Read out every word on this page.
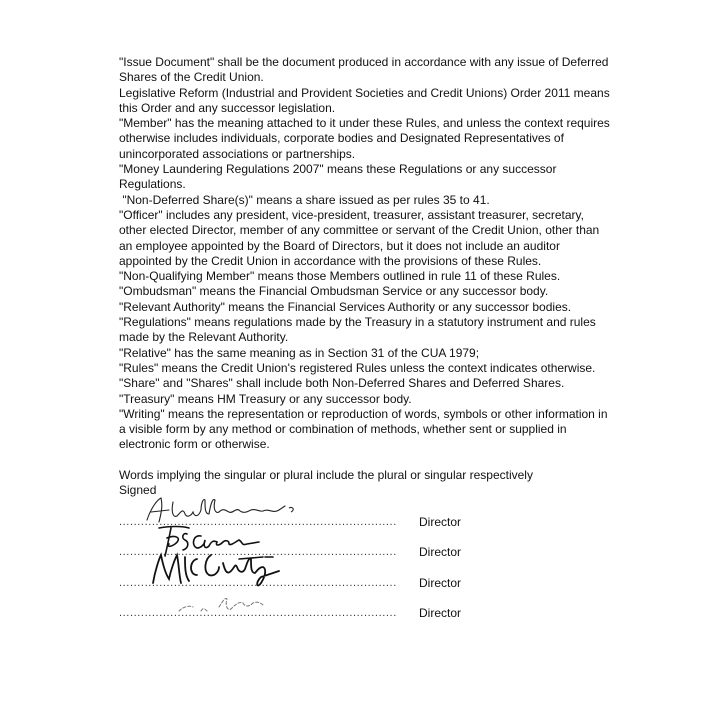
"Issue Document" shall be the document produced in accordance with any issue of Deferred Shares of the Credit Union.

Legislative Reform (Industrial and Provident Societies and Credit Unions) Order 2011 means this Order and any successor legislation.

"Member" has the meaning attached to it under these Rules, and unless the context requires otherwise includes individuals, corporate bodies and Designated Representatives of unincorporated associations or partnerships.

"Money Laundering Regulations 2007" means these Regulations or any successor Regulations.

"Non-Deferred Share(s)" means a share issued as per rules 35 to 41.

"Officer" includes any president, vice-president, treasurer, assistant treasurer, secretary, other elected Director, member of any committee or servant of the Credit Union, other than an employee appointed by the Board of Directors, but it does not include an auditor appointed by the Credit Union in accordance with the provisions of these Rules.

"Non-Qualifying Member" means those Members outlined in rule 11 of these Rules.

"Ombudsman" means the Financial Ombudsman Service or any successor body.

"Relevant Authority" means the Financial Services Authority or any successor bodies.

"Regulations" means regulations made by the Treasury in a statutory instrument and rules made by the Relevant Authority.

"Relative" has the same meaning as in Section 31 of the CUA 1979;

"Rules" means the Credit Union's registered Rules unless the context indicates otherwise.

"Share" and "Shares" shall include both Non-Deferred Shares and Deferred Shares.

"Treasury" means HM Treasury or any successor body.

"Writing" means the representation or reproduction of words, symbols or other information in a visible form by any method or combination of methods, whether sent or supplied in electronic form or otherwise.

Words implying the singular or plural include the plural or singular respectively

Signed

............................................................................	Director
............................................................................	Director
............................................................................	Director
............................................................................	Director
